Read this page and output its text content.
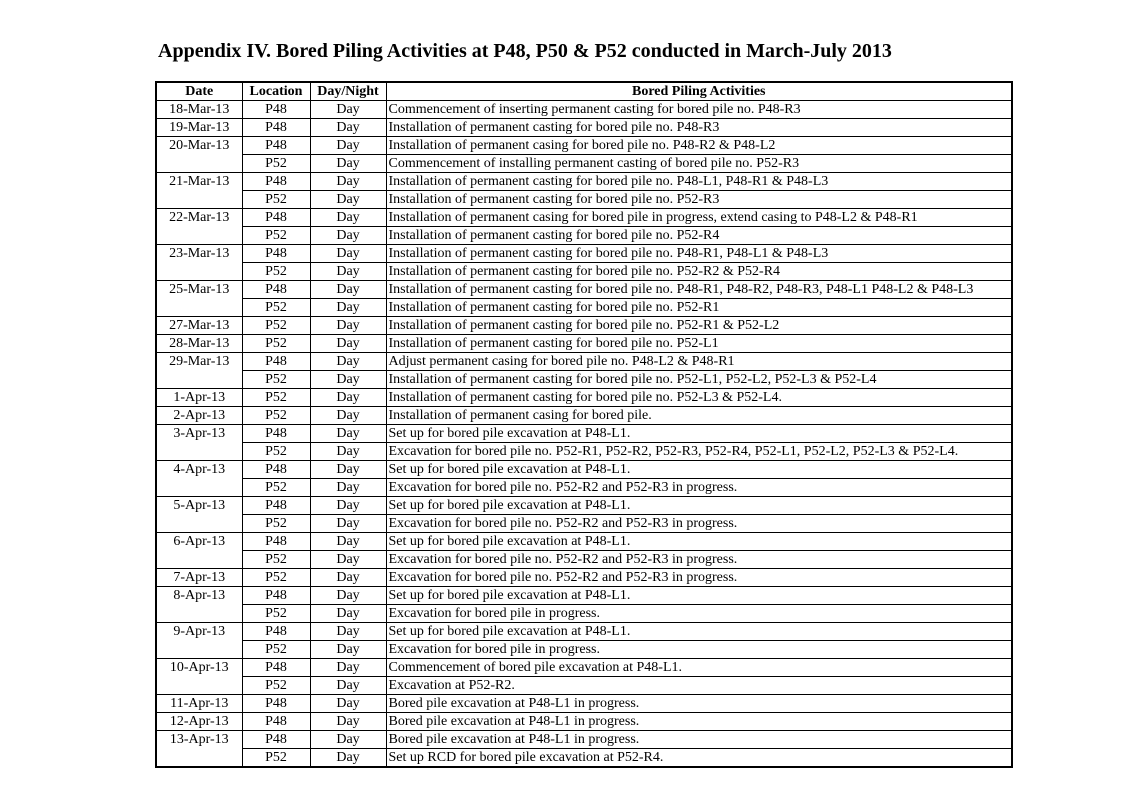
Appendix IV. Bored Piling Activities at P48, P50 & P52 conducted in March-July 2013
Date	Location	Day/Night	Bored Piling Activities
18-Mar-13	P48	Day	Commencement of inserting permanent casting for bored pile no. P48-R3
19-Mar-13	P48	Day	Installation of permanent casting for bored pile no. P48-R3
20-Mar-13	P48	Day	Installation of permanent casing for bored pile no. P48-R2 & P48-L2
	P52	Day	Commencement of installing permanent casting of bored pile no. P52-R3
21-Mar-13	P48	Day	Installation of permanent casting for bored pile no. P48-L1, P48-R1 & P48-L3
	P52	Day	Installation of permanent casting for bored pile no. P52-R3
22-Mar-13	P48	Day	Installation of permanent casing for bored pile in progress, extend casing to P48-L2 & P48-R1
	P52	Day	Installation of permanent casting for bored pile no. P52-R4
23-Mar-13	P48	Day	Installation of permanent casting for bored pile no. P48-R1, P48-L1 & P48-L3
	P52	Day	Installation of permanent casting for bored pile no. P52-R2 & P52-R4
25-Mar-13	P48	Day	Installation of permanent casting for bored pile no. P48-R1, P48-R2, P48-R3, P48-L1 P48-L2 & P48-L3
	P52	Day	Installation of permanent casting for bored pile no. P52-R1
27-Mar-13	P52	Day	Installation of permanent casting for bored pile no. P52-R1 & P52-L2
28-Mar-13	P52	Day	Installation of permanent casting for bored pile no. P52-L1
29-Mar-13	P48	Day	Adjust permanent casing for bored pile no. P48-L2 & P48-R1
	P52	Day	Installation of permanent casting for bored pile no. P52-L1, P52-L2, P52-L3 & P52-L4
1-Apr-13	P52	Day	Installation of permanent casting for bored pile no. P52-L3 & P52-L4.
2-Apr-13	P52	Day	Installation of permanent casing for bored pile.
3-Apr-13	P48	Day	Set up for bored pile excavation at P48-L1.
	P52	Day	Excavation for bored pile no. P52-R1, P52-R2, P52-R3, P52-R4, P52-L1, P52-L2, P52-L3 & P52-L4.
4-Apr-13	P48	Day	Set up for bored pile excavation at P48-L1.
	P52	Day	Excavation for bored pile no. P52-R2 and P52-R3 in progress.
5-Apr-13	P48	Day	Set up for bored pile excavation at P48-L1.
	P52	Day	Excavation for bored pile no. P52-R2 and P52-R3 in progress.
6-Apr-13	P48	Day	Set up for bored pile excavation at P48-L1.
	P52	Day	Excavation for bored pile no. P52-R2 and P52-R3 in progress.
7-Apr-13	P52	Day	Excavation for bored pile no. P52-R2 and P52-R3 in progress.
8-Apr-13	P48	Day	Set up for bored pile excavation at P48-L1.
	P52	Day	Excavation for bored pile in progress.
9-Apr-13	P48	Day	Set up for bored pile excavation at P48-L1.
	P52	Day	Excavation for bored pile in progress.
10-Apr-13	P48	Day	Commencement of bored pile excavation at P48-L1.
	P52	Day	Excavation at P52-R2.
11-Apr-13	P48	Day	Bored pile excavation at P48-L1 in progress.
12-Apr-13	P48	Day	Bored pile excavation at P48-L1 in progress.
13-Apr-13	P48	Day	Bored pile excavation at P48-L1 in progress.
	P52	Day	Set up RCD for bored pile excavation at P52-R4.
